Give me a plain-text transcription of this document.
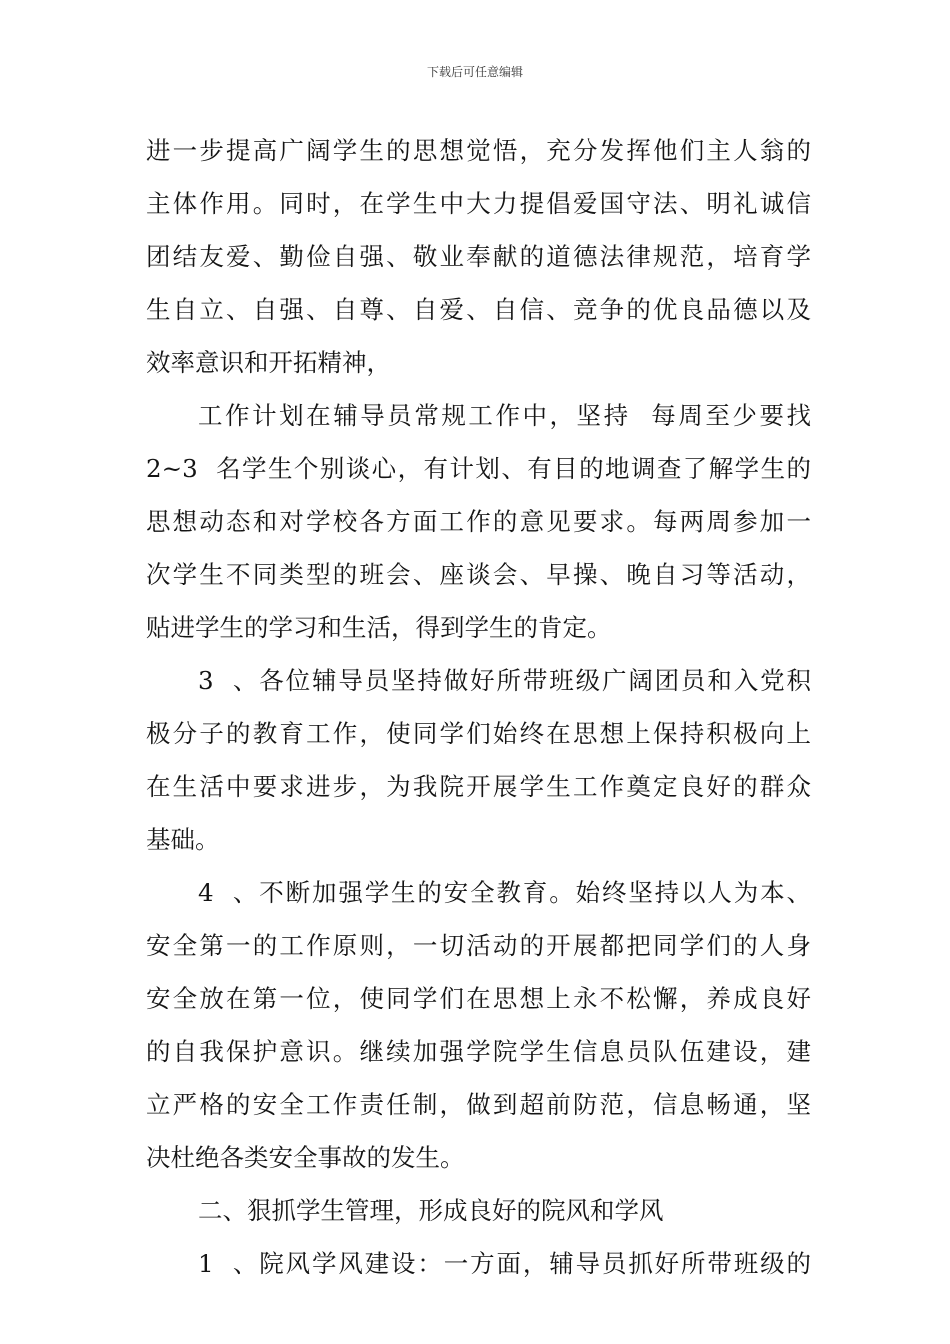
下载后可任意编辑
进一步提高广阔学生的思想觉悟，充分发挥他们主人翁的
主体作用。同时，在学生中大力提倡爱国守法、明礼诚信
团结友爱、勤俭自强、敬业奉献的道德法律规范，培育学
生自立、自强、自尊、自爱、自信、竞争的优良品德以及
效率意识和开拓精神，
工作计划在辅导员常规工作中，坚持  每周至少要找
2~3  名学生个别谈心，有计划、有目的地调查了解学生的
思想动态和对学校各方面工作的意见要求。每两周参加一
次学生不同类型的班会、座谈会、早操、晚自习等活动，
贴进学生的学习和生活，得到学生的肯定。
3  、各位辅导员坚持做好所带班级广阔团员和入党积
极分子的教育工作，使同学们始终在思想上保持积极向上
在生活中要求进步，为我院开展学生工作奠定良好的群众
基础。
4  、不断加强学生的安全教育。始终坚持以人为本、
安全第一的工作原则，一切活动的开展都把同学们的人身
安全放在第一位，使同学们在思想上永不松懈，养成良好
的自我保护意识。继续加强学院学生信息员队伍建设，建
立严格的安全工作责任制，做到超前防范，信息畅通，坚
决杜绝各类安全事故的发生。
二、狠抓学生管理，形成良好的院风和学风
1  、院风学风建设：一方面，辅导员抓好所带班级的
